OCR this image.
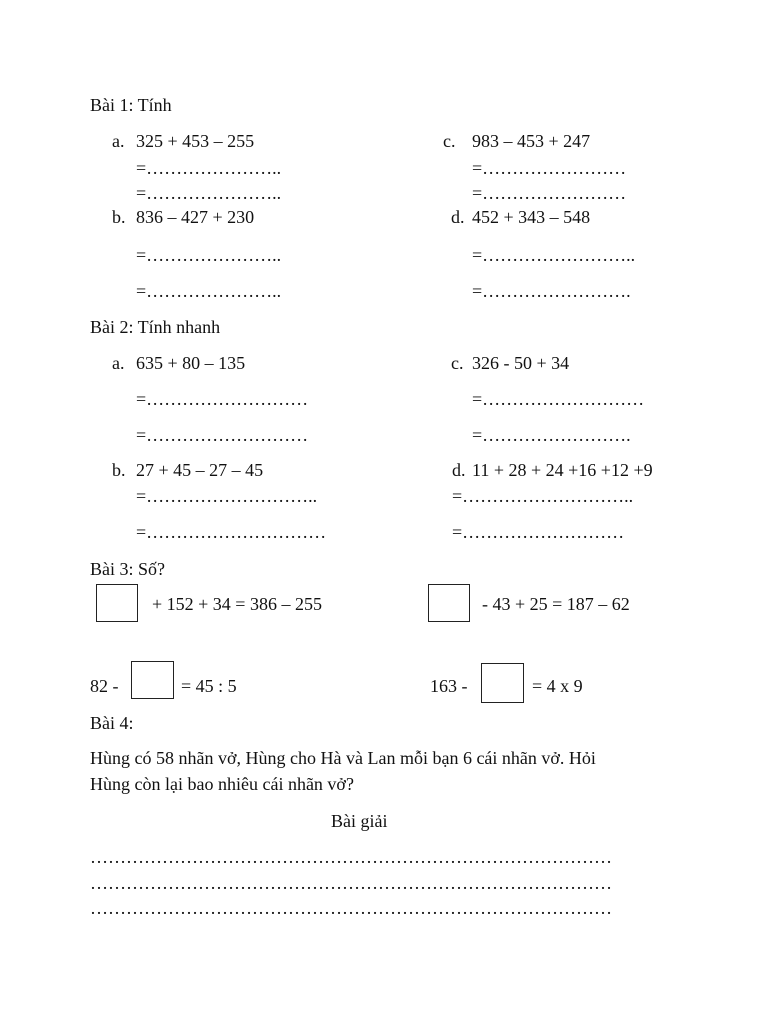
Bài 1: Tính
a. 325 + 453 – 255
=…………………..
=…………………..
c. 983 – 453 + 247
=……………………
=……………………
b. 836 – 427 + 230
=…………………..
=…………………..
d. 452 + 343 – 548
=……………………..
=…………………….
Bài 2: Tính nhanh
a. 635 + 80 – 135
=………………………
=………………………
c. 326 - 50 + 34
=………………………
=…………………….
b. 27 + 45 – 27 – 45
=………………………..
=…………………………
d. 11 + 28 + 24 +16 +12 +9
=………………………..
=………………………
Bài 3: Số?
+ 152 + 34 = 386 – 255	- 43 + 25 = 187 – 62
82 -	= 45 : 5	163 -	= 4 x 9
Bài 4:
Hùng có 58 nhãn vở, Hùng cho Hà và Lan mỗi bạn 6 cái nhãn vở. Hỏi
Hùng còn lại bao nhiêu cái nhãn vở?
Bài giải
……………………………………………………………………………
……………………………………………………………………………
……………………………………………………………………………
